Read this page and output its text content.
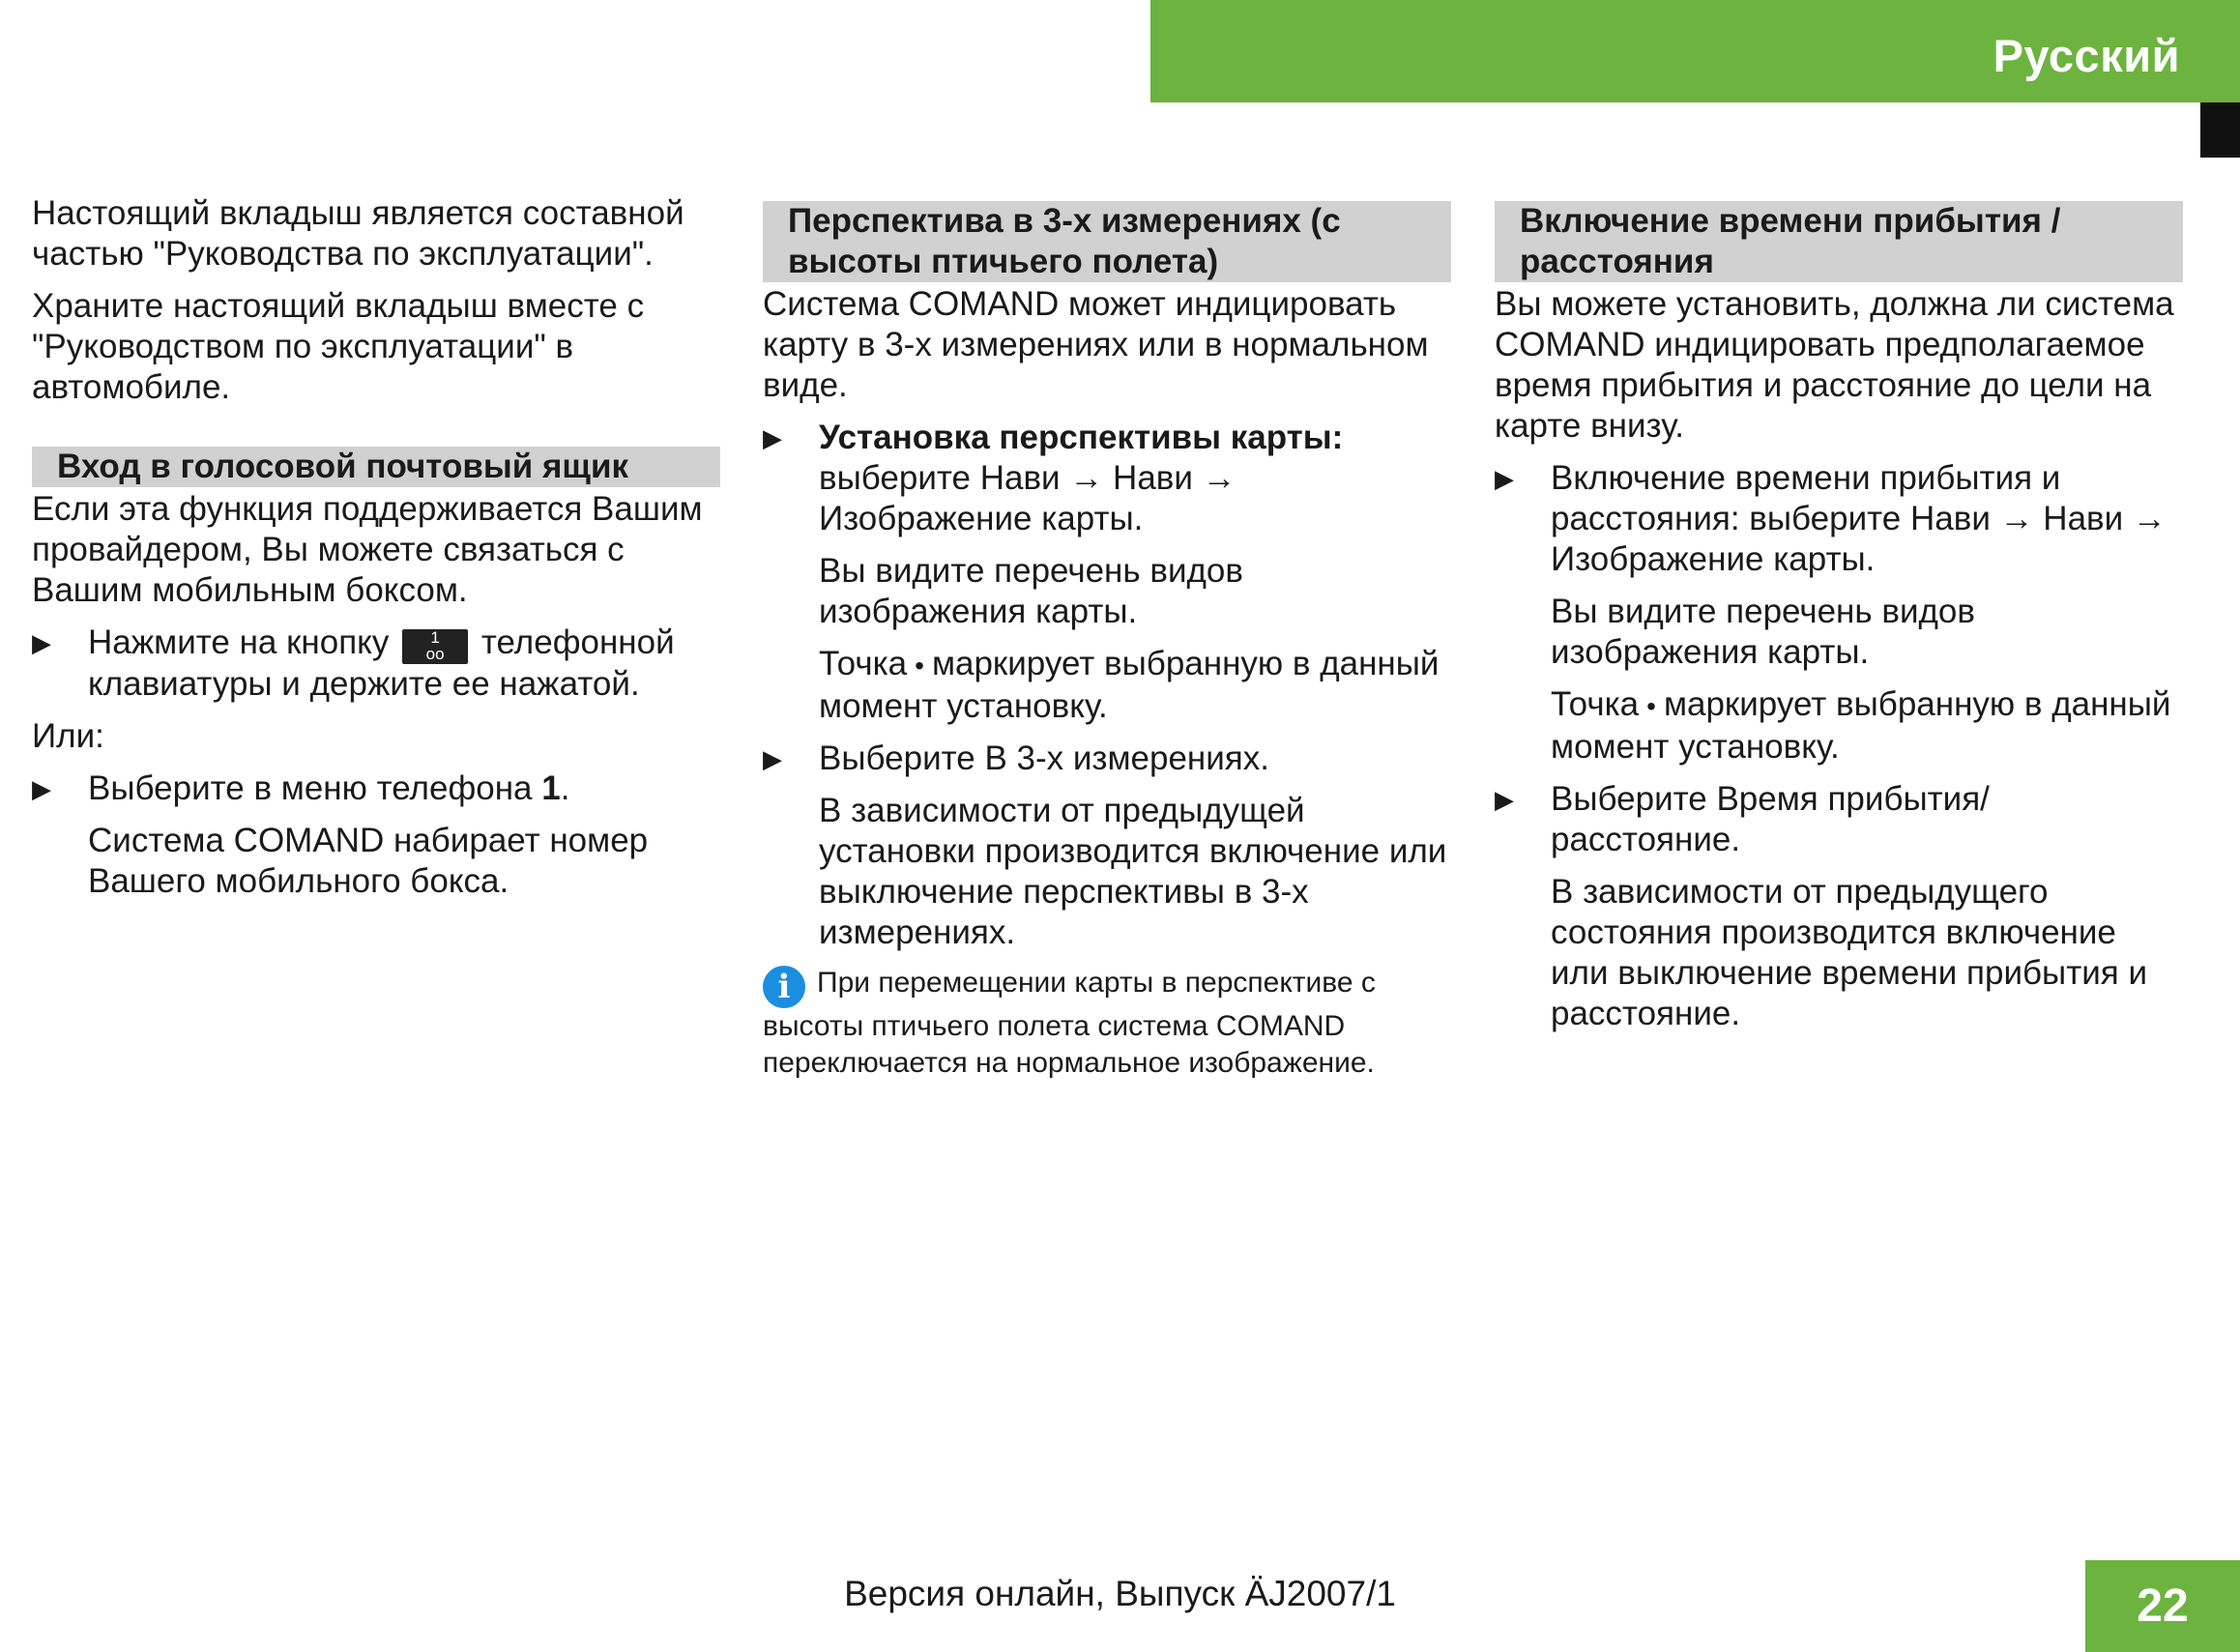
Русский

Настоящий вкладыш является составной частью "Руководства по эксплуатации".

Храните настоящий вкладыш вместе с "Руководством по эксплуатации" в автомобиле.

Вход в голосовой почтовый ящик

Если эта функция поддерживается Вашим провайдером, Вы можете связаться с Вашим мобильным боксом.

▶ Нажмите на кнопку	1
oo	телефонной клавиатуры и держите ее нажатой.

Или:

▶ Выберите в меню телефона 1.

Система COMAND набирает номер Вашего мобильного бокса.

Перспектива в 3-х измерениях (с высоты птичьего полета)

Система COMAND может индицировать карту в 3-х измерениях или в нормальном виде.

▶ Установка перспективы карты: выберите Нави → Нави → Изображение карты.

Вы видите перечень видов изображения карты.

Точка • маркирует выбранную в данный момент установку.

▶ Выберите В 3-х измерениях.

В зависимости от предыдущей установки производится включение или выключение перспективы в 3-х измерениях.

i При перемещении карты в перспективе с высоты птичьего полета система COMAND переключается на нормальное изображение.
Включение времени прибытия / расстояния

Вы можете установить, должна ли система COMAND индицировать предполагаемое время прибытия и расстояние до цели на карте внизу.

▶ Включение времени прибытия и расстояния: выберите Нави → Нави → Изображение карты.

Вы видите перечень видов изображения карты.

Точка • маркирует выбранную в данный момент установку.

▶ Выберите Время прибытия/ расстояние.

В зависимости от предыдущего состояния производится включение или выключение времени прибытия и расстояние.

Версия онлайн, Выпуск ÄJ2007/1	22
